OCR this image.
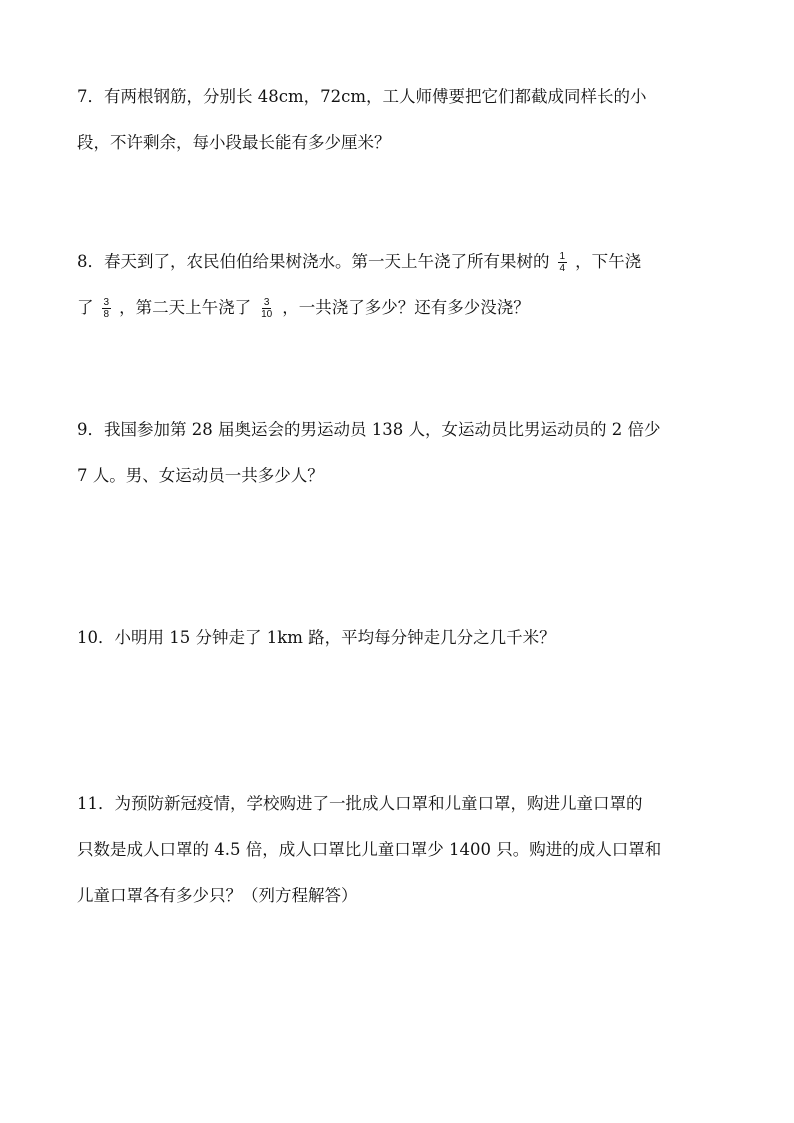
7．有两根钢筋，分别长 48cm，72cm，工人师傅要把它们都截成同样长的小
段，不许剩余，每小段最长能有多少厘米？
8．春天到了，农民伯伯给果树浇水。第一天上午浇了所有果树的 $\frac{1}{4}$ ，下午浇
了 $\frac{3}{8}$ ，第二天上午浇了 $\frac{3}{10}$ ，一共浇了多少？还有多少没浇？
9．我国参加第 28 届奥运会的男运动员 138 人，女运动员比男运动员的 2 倍少
7 人。男、女运动员一共多少人？
10．小明用 15 分钟走了 1km 路，平均每分钟走几分之几千米？
11．为预防新冠疫情，学校购进了一批成人口罩和儿童口罩，购进儿童口罩的
只数是成人口罩的 4.5 倍，成人口罩比儿童口罩少 1400 只。购进的成人口罩和
儿童口罩各有多少只？（列方程解答）
